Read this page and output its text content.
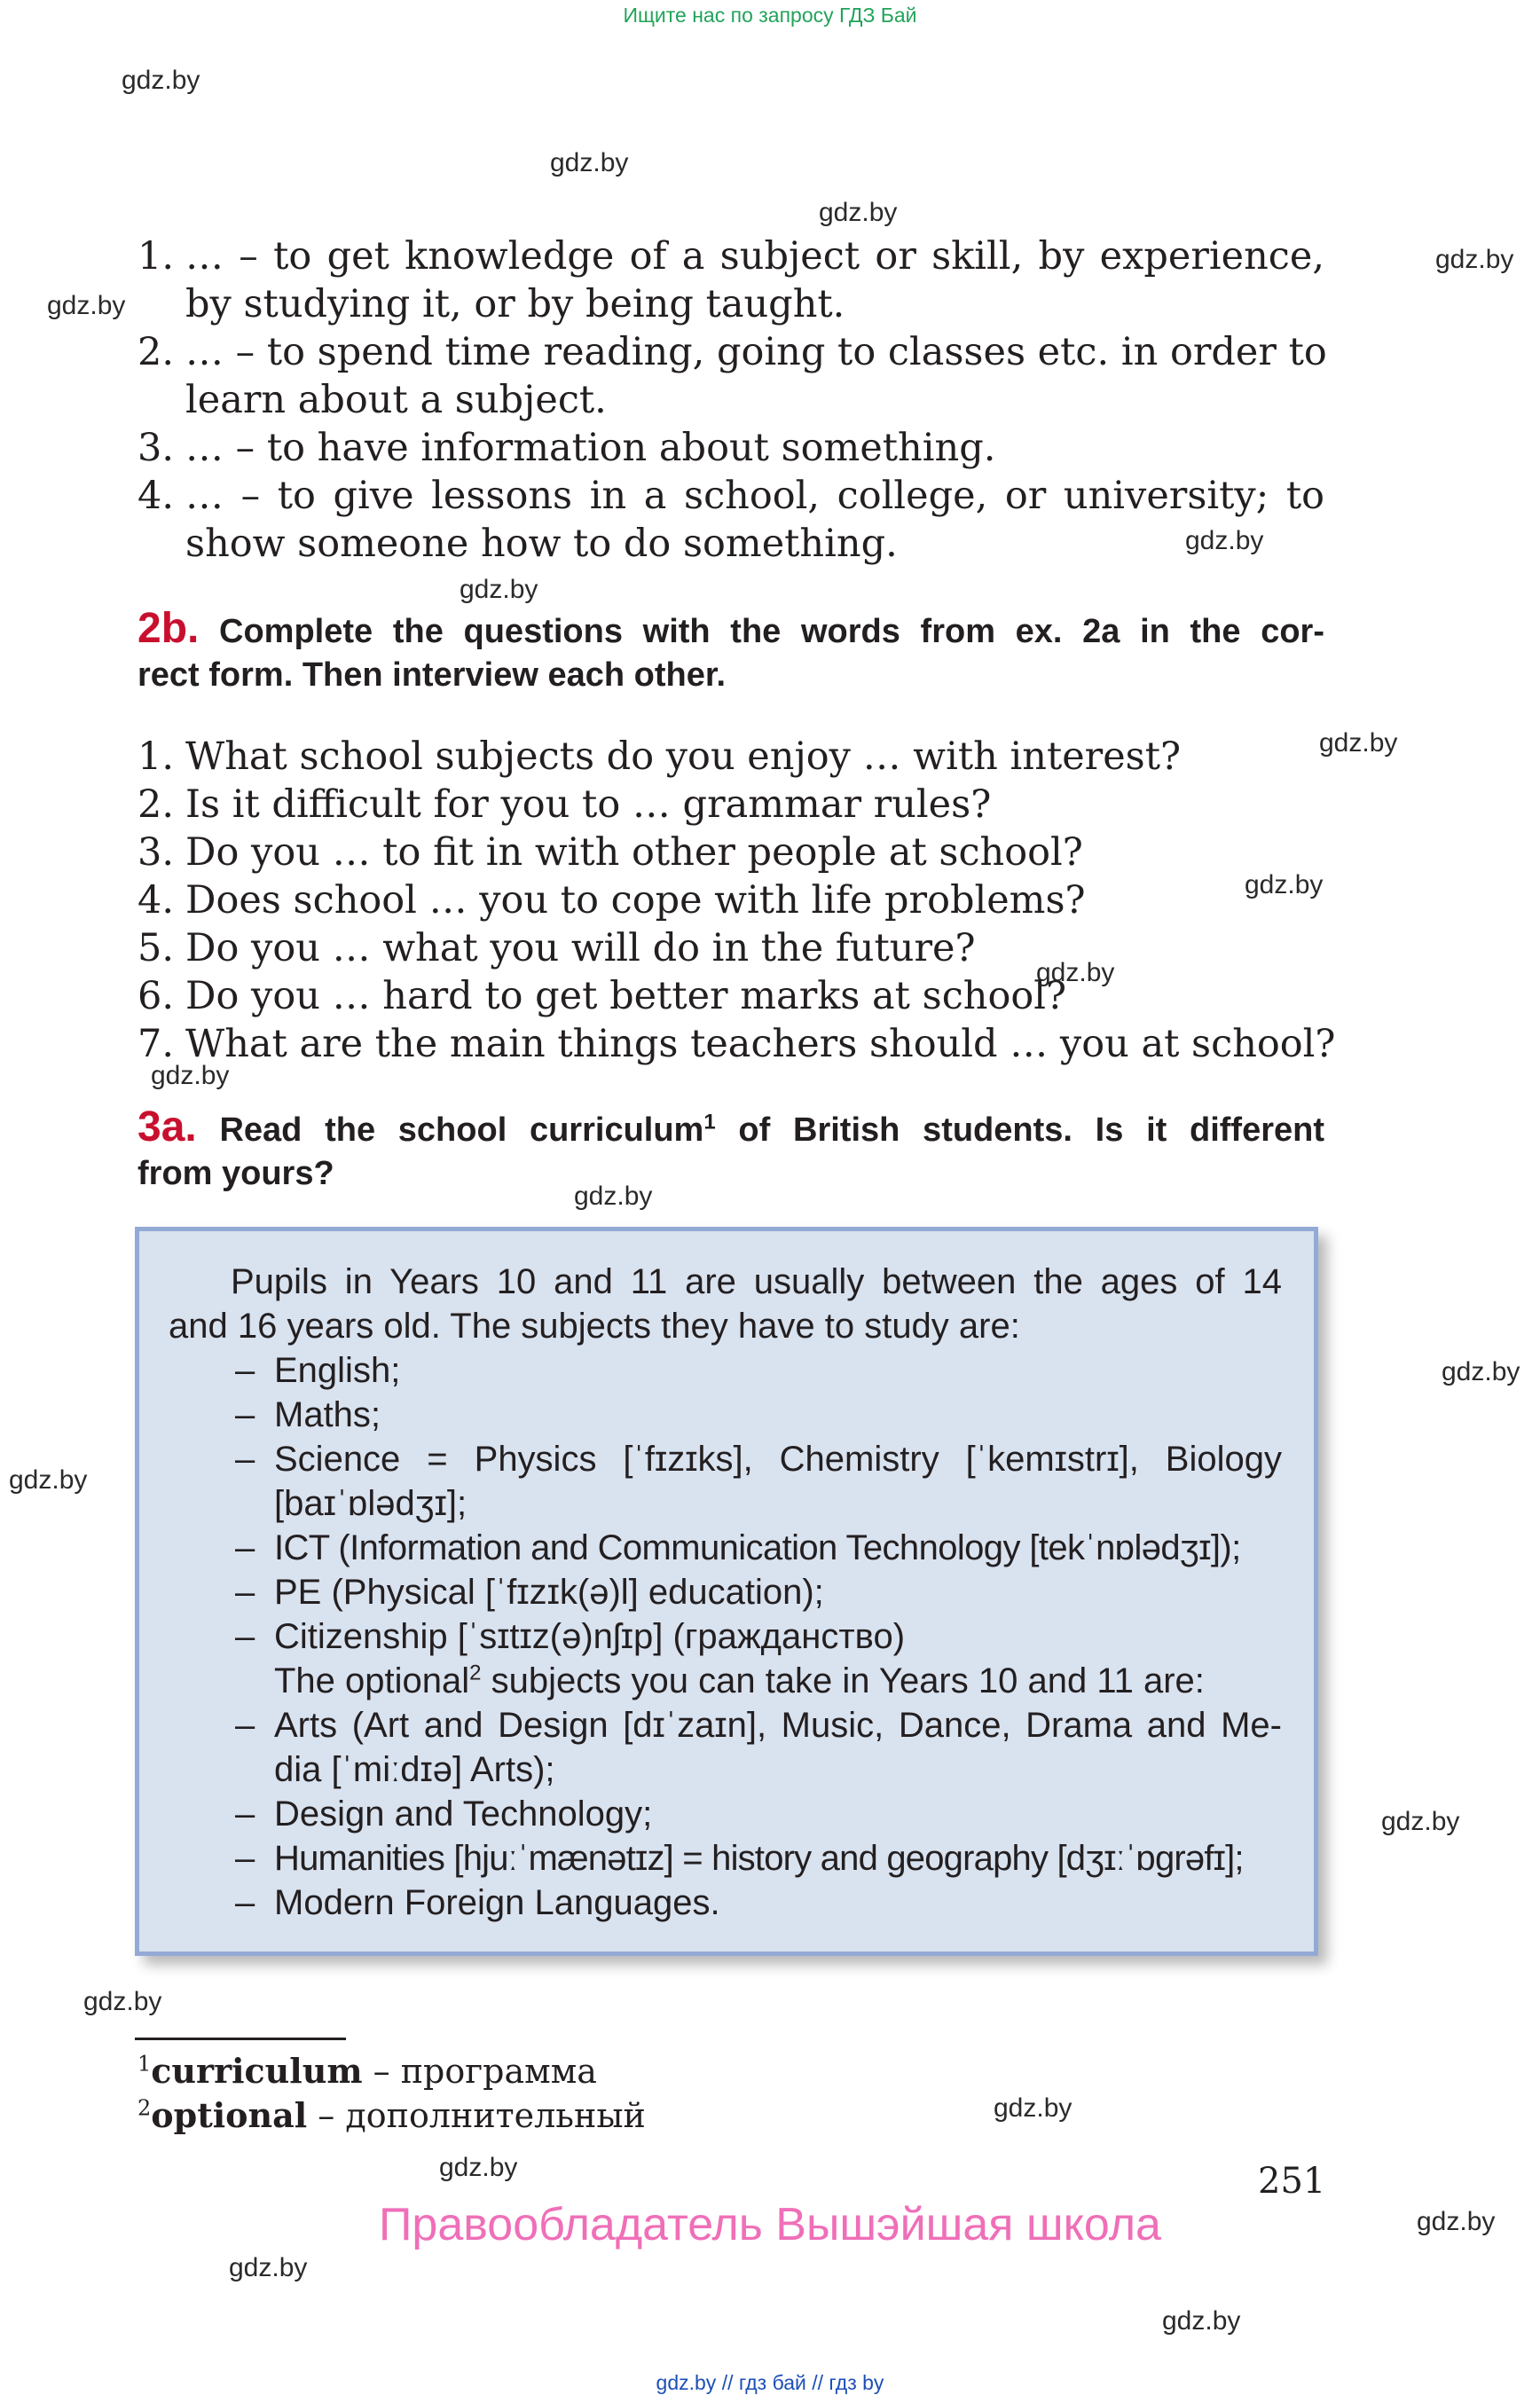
Ищите нас по запросу ГДЗ Бай
gdz.by // гдз бай // гдз by
gdz.by
gdz.by
gdz.by
gdz.by
gdz.by
gdz.by
gdz.by
gdz.by
gdz.by
gdz.by
gdz.by
gdz.by
gdz.by
gdz.by
gdz.by
gdz.by
gdz.by
gdz.by
gdz.by
gdz.by
gdz.by
1. … – to get knowledge of a subject or skill, by experience,
by studying it, or by being taught.
2. … – to spend time reading, going to classes etc. in order to
learn about a subject.
3. … – to have information about something.
4. … – to give lessons in a school, college, or university; to
show someone how to do something.
2b. Complete the questions with the words from ex. 2a in the cor-
rect form. Then interview each other.
1. What school subjects do you enjoy … with interest?
2. Is it difficult for you to … grammar rules?
3. Do you … to fit in with other people at school?
4. Does school … you to cope with life problems?
5. Do you … what you will do in the future?
6. Do you … hard to get better marks at school?
7. What are the main things teachers should … you at school?
3a. Read the school curriculum$^1$ of British students. Is it different
from yours?
Pupils in Years 10 and 11 are usually between the ages of 14
and 16 years old. The subjects they have to study are:
– English;
– Maths;
– Science = Physics [ˈfɪzɪks], Chemistry [ˈkemɪstrɪ], Biology
[baɪˈɒlədʒɪ];
– ICT (Information and Communication Technology [tekˈnɒlədʒɪ]);
– PE (Physical [ˈfɪzɪk(ə)l] education);
– Citizenship [ˈsɪtɪz(ə)nʃɪp] (гражданство)
The optional$^2$ subjects you can take in Years 10 and 11 are:
– Arts (Art and Design [dɪˈzaɪn], Music, Dance, Drama and Me-
dia [ˈmiːdɪə] Arts);
– Design and Technology;
– Humanities [hjuːˈmænətɪz] = history and geography [dʒɪːˈɒgrəfɪ];
– Modern Foreign Languages.
$^1$curriculum – программа
$^2$optional – дополнительный
251
Правообладатель Вышэйшая школа
